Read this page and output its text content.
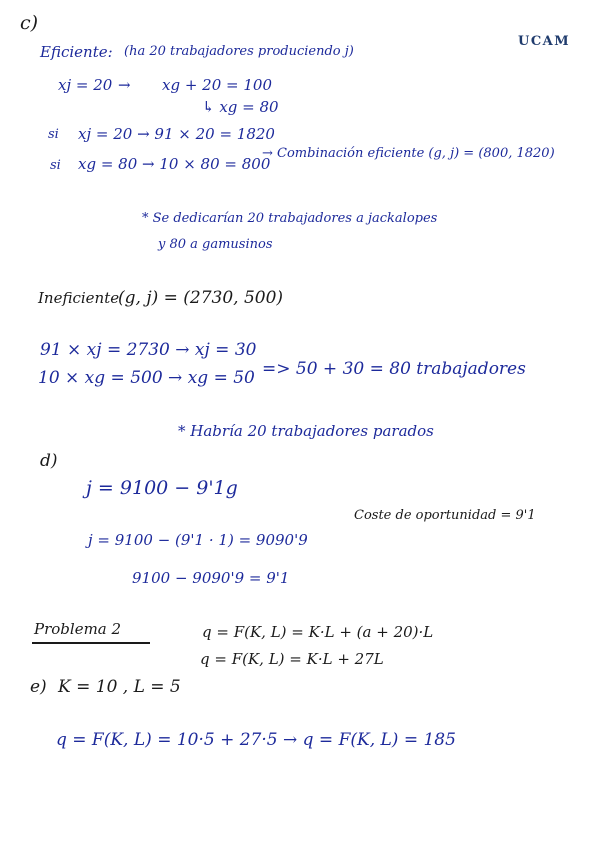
UCAM
c)
Eficiente: (ha 20 trabajadores produciendo j)
xj = 20 → xg + 20 = 100
↳ xg = 80
si xj = 20 → 91 × 20 = 1820
si xg = 80 → 10 × 80 = 800
→ Combinación eficiente (g, j) = (800, 1820)
* Se dedicarían 20 trabajadores a jackalopes
y 80 a gamusinos
Ineficiente
(g, j) = (2730, 500)
91 × xj = 2730 → xj = 30
10 × xg = 500 → xg = 50 => 50 + 30 = 80 trabajadores
* Habría 20 trabajadores parados
d)
j = 9100 − 9'1g
Coste de oportunidad = 9'1
j = 9100 − (9'1 · 1) = 9090'9
9100 − 9090'9 = 9'1
Problema 2	q = F(K, L) = K·L + (a + 20)·L
q = F(K, L) = K·L + 27L
e) K = 10 , L = 5
q = F(K, L) = 10·5 + 27·5 → q = F(K, L) = 185
